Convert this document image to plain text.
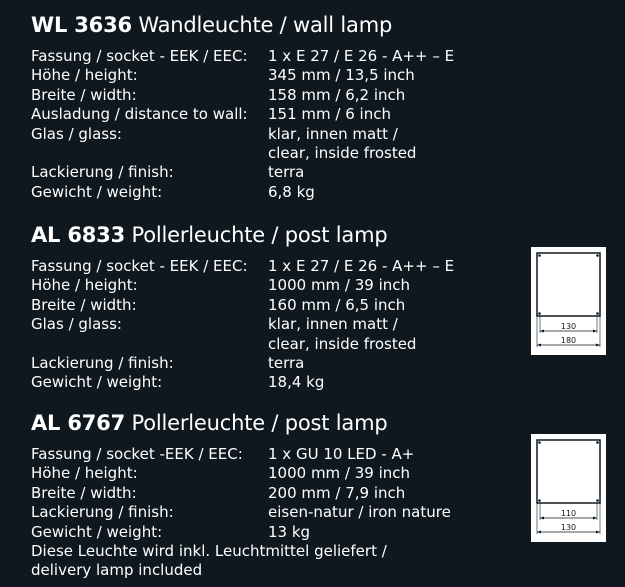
WL 3636 Wandleuchte / wall lamp
Fassung / socket - EEK / EEC:	1 x E 27 / E 26 - A++ – E
Höhe / height:	345 mm / 13,5 inch
Breite / width:	158 mm / 6,2 inch
Ausladung / distance to wall:	151 mm / 6 inch
Glas / glass:	klar, innen matt /
clear, inside frosted
Lackierung / finish:	terra
Gewicht / weight:	6,8 kg
AL 6833 Pollerleuchte / post lamp
Fassung / socket - EEK / EEC:	1 x E 27 / E 26 - A++ – E
Höhe / height:	1000 mm / 39 inch
Breite / width:	160 mm / 6,5 inch
Glas / glass:	klar, innen matt /
clear, inside frosted
Lackierung / finish:	terra
Gewicht / weight:	18,4 kg
AL 6767 Pollerleuchte / post lamp
Fassung / socket -EEK / EEC:	1 x GU 10 LED - A+
Höhe / height:	1000 mm / 39 inch
Breite / width:	200 mm / 7,9 inch
Lackierung / finish:	eisen-natur / iron nature
Gewicht / weight:	13 kg
Diese Leuchte wird inkl. Leuchtmittel geliefert /
delivery lamp included
130
180
110
130
